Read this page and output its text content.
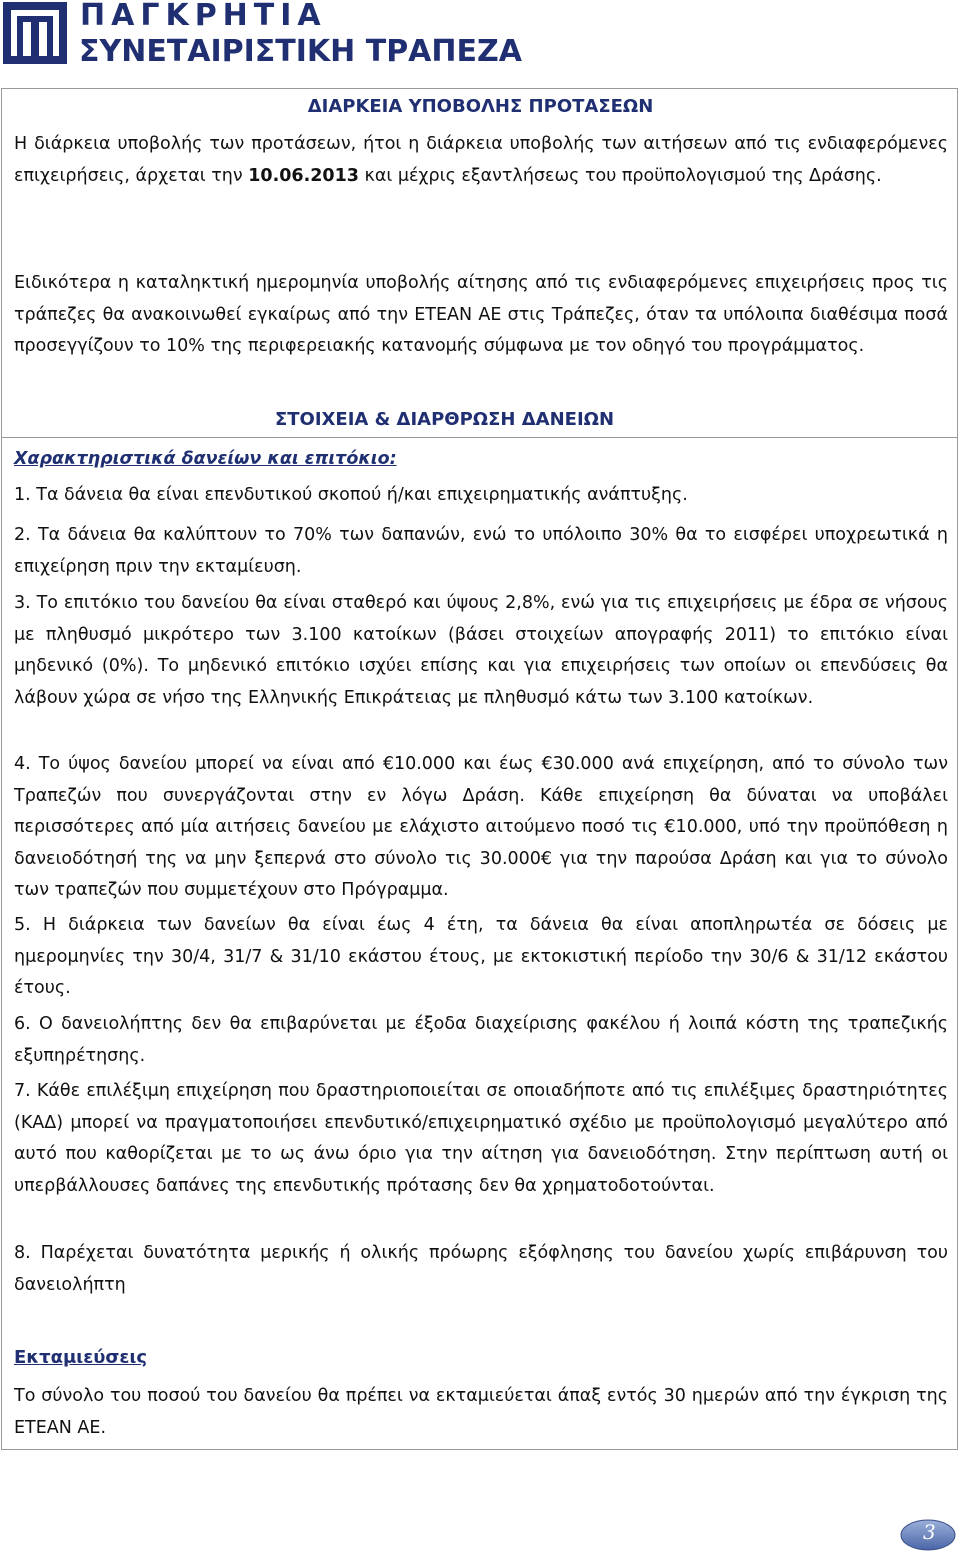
ΠΑΓΚΡΗΤΙΑ
ΣΥΝΕΤΑΙΡΙΣΤΙΚΗ ΤΡΑΠΕΖΑ
ΔΙΑΡΚΕΙΑ ΥΠΟΒΟΛΗΣ ΠΡΟΤΑΣΕΩΝ

Η διάρκεια υποβολής των προτάσεων, ήτοι η διάρκεια υποβολής των αιτήσεων από τις ενδιαφερόμενες επιχειρήσεις, άρχεται την 10.06.2013 και μέχρις εξαντλήσεως του προϋπολογισμού της Δράσης.

Ειδικότερα η καταληκτική ημερομηνία υποβολής αίτησης από τις ενδιαφερόμενες επιχειρήσεις προς τις τράπεζες θα ανακοινωθεί εγκαίρως από την ΕΤΕΑΝ ΑΕ στις Τράπεζες, όταν τα υπόλοιπα διαθέσιμα ποσά προσεγγίζουν το 10% της περιφερειακής κατανομής σύμφωνα με τον οδηγό του προγράμματος.

ΣΤΟΙΧΕΙΑ & ΔΙΑΡΘΡΩΣΗ ΔΑΝΕΙΩΝ
Χαρακτηριστικά δανείων και επιτόκιο:

1. Τα δάνεια θα είναι επενδυτικού σκοπού ή/και επιχειρηματικής ανάπτυξης.

2. Τα δάνεια θα καλύπτουν το 70% των δαπανών, ενώ το υπόλοιπο 30% θα το εισφέρει υποχρεωτικά η επιχείρηση πριν την εκταμίευση.

3. Το επιτόκιο του δανείου θα είναι σταθερό και ύψους 2,8%, ενώ για τις επιχειρήσεις με έδρα σε νήσους με πληθυσμό μικρότερο των 3.100 κατοίκων (βάσει στοιχείων απογραφής 2011) το επιτόκιο είναι μηδενικό (0%). Το μηδενικό επιτόκιο ισχύει επίσης και για επιχειρήσεις των οποίων οι επενδύσεις θα λάβουν χώρα σε νήσο της Ελληνικής Επικράτειας με πληθυσμό κάτω των 3.100 κατοίκων.

4. Το ύψος δανείου μπορεί να είναι από €10.000 και έως €30.000 ανά επιχείρηση, από το σύνολο των Τραπεζών που συνεργάζονται στην εν λόγω Δράση. Κάθε επιχείρηση θα δύναται να υποβάλει περισσότερες από μία αιτήσεις δανείου με ελάχιστο αιτούμενο ποσό τις €10.000, υπό την προϋπόθεση η δανειοδότησή της να μην ξεπερνά στο σύνολο τις 30.000€ για την παρούσα Δράση και για το σύνολο των τραπεζών που συμμετέχουν στο Πρόγραμμα.

5. Η διάρκεια των δανείων θα είναι έως 4 έτη, τα δάνεια θα είναι αποπληρωτέα σε δόσεις με ημερομηνίες την 30/4, 31/7 & 31/10 εκάστου έτους, με εκτοκιστική περίοδο την 30/6 & 31/12 εκάστου έτους.

6. Ο δανειολήπτης δεν θα επιβαρύνεται με έξοδα διαχείρισης φακέλου ή λοιπά κόστη της τραπεζικής εξυπηρέτησης.

7. Κάθε επιλέξιμη επιχείρηση που δραστηριοποιείται σε οποιαδήποτε από τις επιλέξιμες δραστηριότητες (ΚΑΔ) μπορεί να πραγματοποιήσει επενδυτικό/επιχειρηματικό σχέδιο με προϋπολογισμό μεγαλύτερο από αυτό που καθορίζεται με το ως άνω όριο για την αίτηση για δανειοδότηση. Στην περίπτωση αυτή οι υπερβάλλουσες δαπάνες της επενδυτικής πρότασης δεν θα χρηματοδοτούνται.

8. Παρέχεται δυνατότητα μερικής ή ολικής πρόωρης εξόφλησης του δανείου χωρίς επιβάρυνση του δανειολήπτη

Εκταμιεύσεις

Το σύνολο του ποσού του δανείου θα πρέπει να εκταμιεύεται άπαξ εντός 30 ημερών από την έγκριση της ΕΤΕΑΝ ΑΕ.

3
